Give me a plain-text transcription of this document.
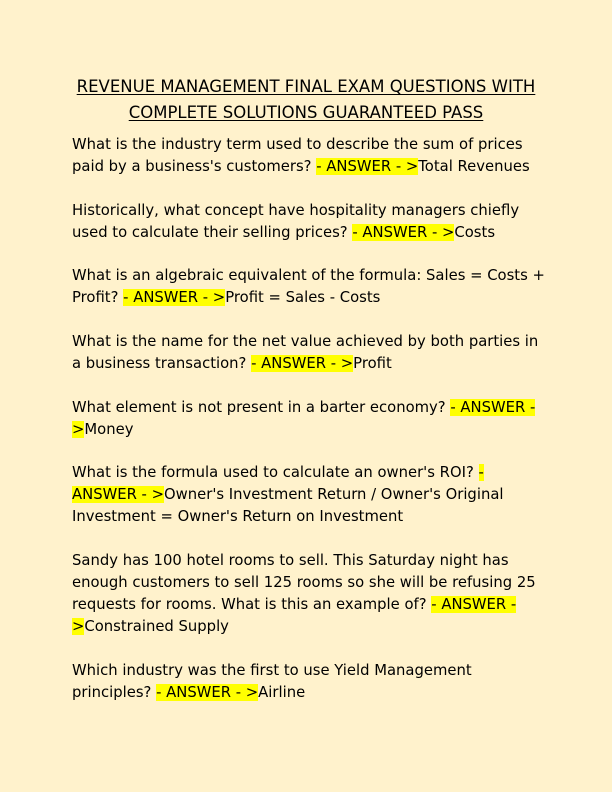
REVENUE MANAGEMENT FINAL EXAM QUESTIONS WITH
COMPLETE SOLUTIONS GUARANTEED PASS
What is the industry term used to describe the sum of prices paid by a business's customers? - ANSWER - >Total Revenues
Historically, what concept have hospitality managers chiefly used to calculate their selling prices? - ANSWER - >Costs
What is an algebraic equivalent of the formula: Sales = Costs + Profit? - ANSWER - >Profit = Sales - Costs
What is the name for the net value achieved by both parties in a business transaction? - ANSWER - >Profit
What element is not present in a barter economy? - ANSWER - >Money
What is the formula used to calculate an owner's ROI? - ANSWER - >Owner's Investment Return / Owner's Original Investment = Owner's Return on Investment
Sandy has 100 hotel rooms to sell. This Saturday night has enough customers to sell 125 rooms so she will be refusing 25 requests for rooms. What is this an example of? - ANSWER - >Constrained Supply
Which industry was the first to use Yield Management principles? - ANSWER - >Airline
